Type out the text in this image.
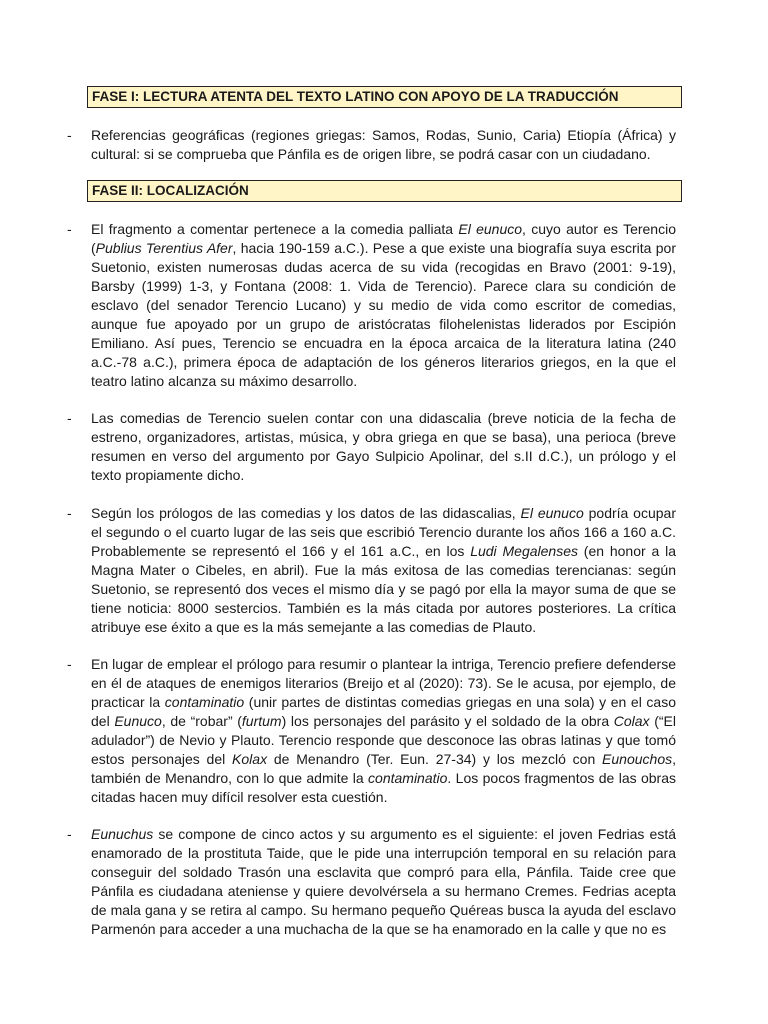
FASE I: LECTURA ATENTA DEL TEXTO LATINO CON APOYO DE LA TRADUCCIÓN
- Referencias geográficas (regiones griegas: Samos, Rodas, Sunio, Caria) Etiopía (África) y cultural: si se comprueba que Pánfila es de origen libre, se podrá casar con un ciudadano.
FASE II: LOCALIZACIÓN
- El fragmento a comentar pertenece a la comedia palliata El eunuco, cuyo autor es Terencio (Publius Terentius Afer, hacia 190-159 a.C.). Pese a que existe una biografía suya escrita por Suetonio, existen numerosas dudas acerca de su vida (recogidas en Bravo (2001: 9-19), Barsby (1999) 1-3, y Fontana (2008: 1. Vida de Terencio). Parece clara su condición de esclavo (del senador Terencio Lucano) y su medio de vida como escritor de comedias, aunque fue apoyado por un grupo de aristócratas filohelenistas liderados por Escipión Emiliano. Así pues, Terencio se encuadra en la época arcaica de la literatura latina (240 a.C.-78 a.C.), primera época de adaptación de los géneros literarios griegos, en la que el teatro latino alcanza su máximo desarrollo.
- Las comedias de Terencio suelen contar con una didascalia (breve noticia de la fecha de estreno, organizadores, artistas, música, y obra griega en que se basa), una perioca (breve resumen en verso del argumento por Gayo Sulpicio Apolinar, del s.II d.C.), un prólogo y el texto propiamente dicho.
- Según los prólogos de las comedias y los datos de las didascalias, El eunuco podría ocupar el segundo o el cuarto lugar de las seis que escribió Terencio durante los años 166 a 160 a.C. Probablemente se representó el 166 y el 161 a.C., en los Ludi Megalenses (en honor a la Magna Mater o Cibeles, en abril). Fue la más exitosa de las comedias terencianas: según Suetonio, se representó dos veces el mismo día y se pagó por ella la mayor suma de que se tiene noticia: 8000 sestercios. También es la más citada por autores posteriores. La crítica atribuye ese éxito a que es la más semejante a las comedias de Plauto.
- En lugar de emplear el prólogo para resumir o plantear la intriga, Terencio prefiere defenderse en él de ataques de enemigos literarios (Breijo et al (2020): 73). Se le acusa, por ejemplo, de practicar la contaminatio (unir partes de distintas comedias griegas en una sola) y en el caso del Eunuco, de “robar” (furtum) los personajes del parásito y el soldado de la obra Colax (“El adulador”) de Nevio y Plauto. Terencio responde que desconoce las obras latinas y que tomó estos personajes del Kolax de Menandro (Ter. Eun. 27-34) y los mezcló con Eunouchos, también de Menandro, con lo que admite la contaminatio. Los pocos fragmentos de las obras citadas hacen muy difícil resolver esta cuestión.
- Eunuchus se compone de cinco actos y su argumento es el siguiente: el joven Fedrias está enamorado de la prostituta Taide, que le pide una interrupción temporal en su relación para conseguir del soldado Trasón una esclavita que compró para ella, Pánfila. Taide cree que Pánfila es ciudadana ateniense y quiere devolvérsela a su hermano Cremes. Fedrias acepta de mala gana y se retira al campo. Su hermano pequeño Quéreas busca la ayuda del esclavo Parmenón para acceder a una muchacha de la que se ha enamorado en la calle y que no es
